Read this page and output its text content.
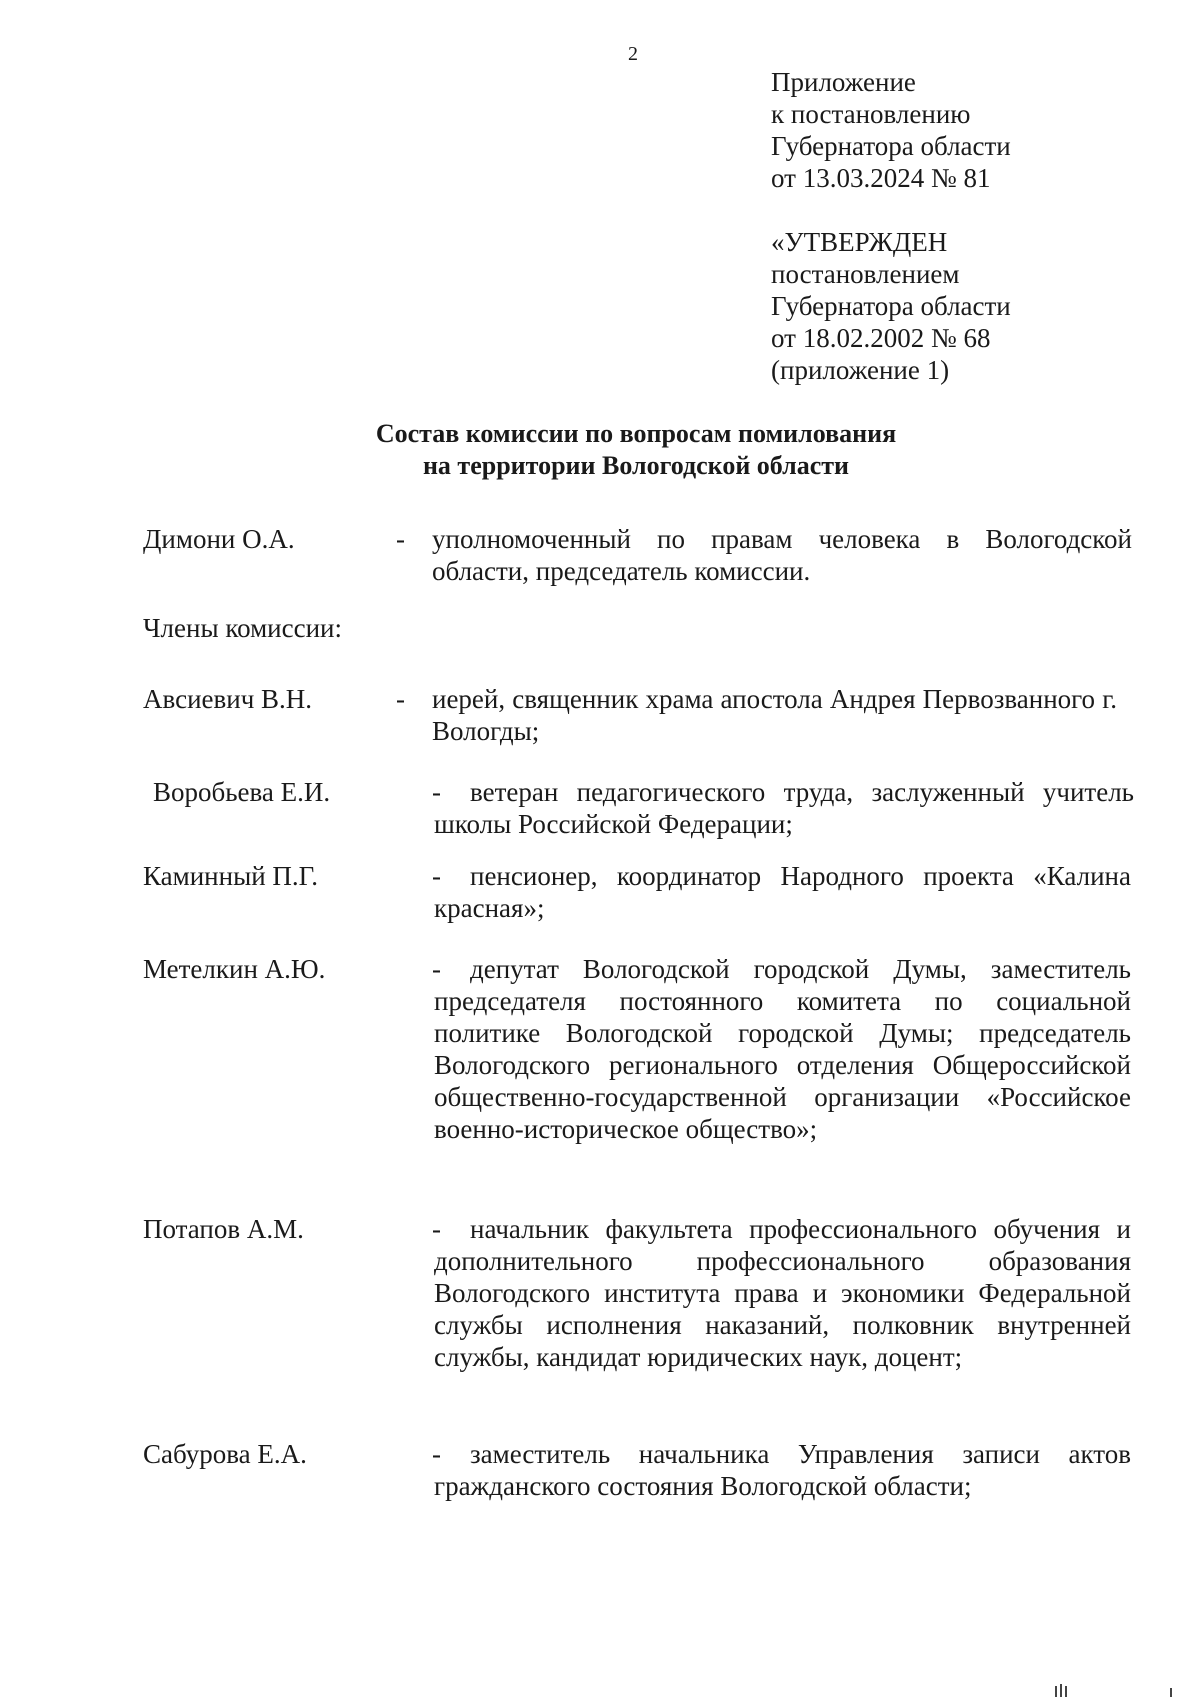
2
Приложение
к постановлению
Губернатора области
от 13.03.2024 № 81
«УТВЕРЖДЕН
постановлением
Губернатора области
от 18.02.2002 № 68
(приложение 1)
Состав комиссии по вопросам помилования
на территории Вологодской области
Димони О.А.	- уполномоченный по правам человека в Вологодской области, председатель комиссии.
Члены комиссии:
Авсиевич В.Н.	- иерей, священник храма апостола Андрея Первозванного г. Вологды;
Воробьева Е.И.	-	ветеран педагогического труда, заслуженный учитель школы Российской Федерации;
Каминный П.Г.	-	пенсионер, координатор Народного проекта «Калина красная»;
Метелкин А.Ю.	-	депутат Вологодской городской Думы, заместитель председателя постоянного комитета по социальной политике Вологодской городской Думы; председатель Вологодского регионального отделения Общероссийской общественно-государственной организации «Российское военно-историческое общество»;
Потапов А.М.	-	начальник факультета профессионального обучения и дополнительного профессионального образования Вологодского института права и экономики Федеральной службы исполнения наказаний, полковник внутренней службы, кандидат юридических наук, доцент;
Сабурова Е.А.	-	заместитель начальника Управления записи актов гражданского состояния Вологодской области;
